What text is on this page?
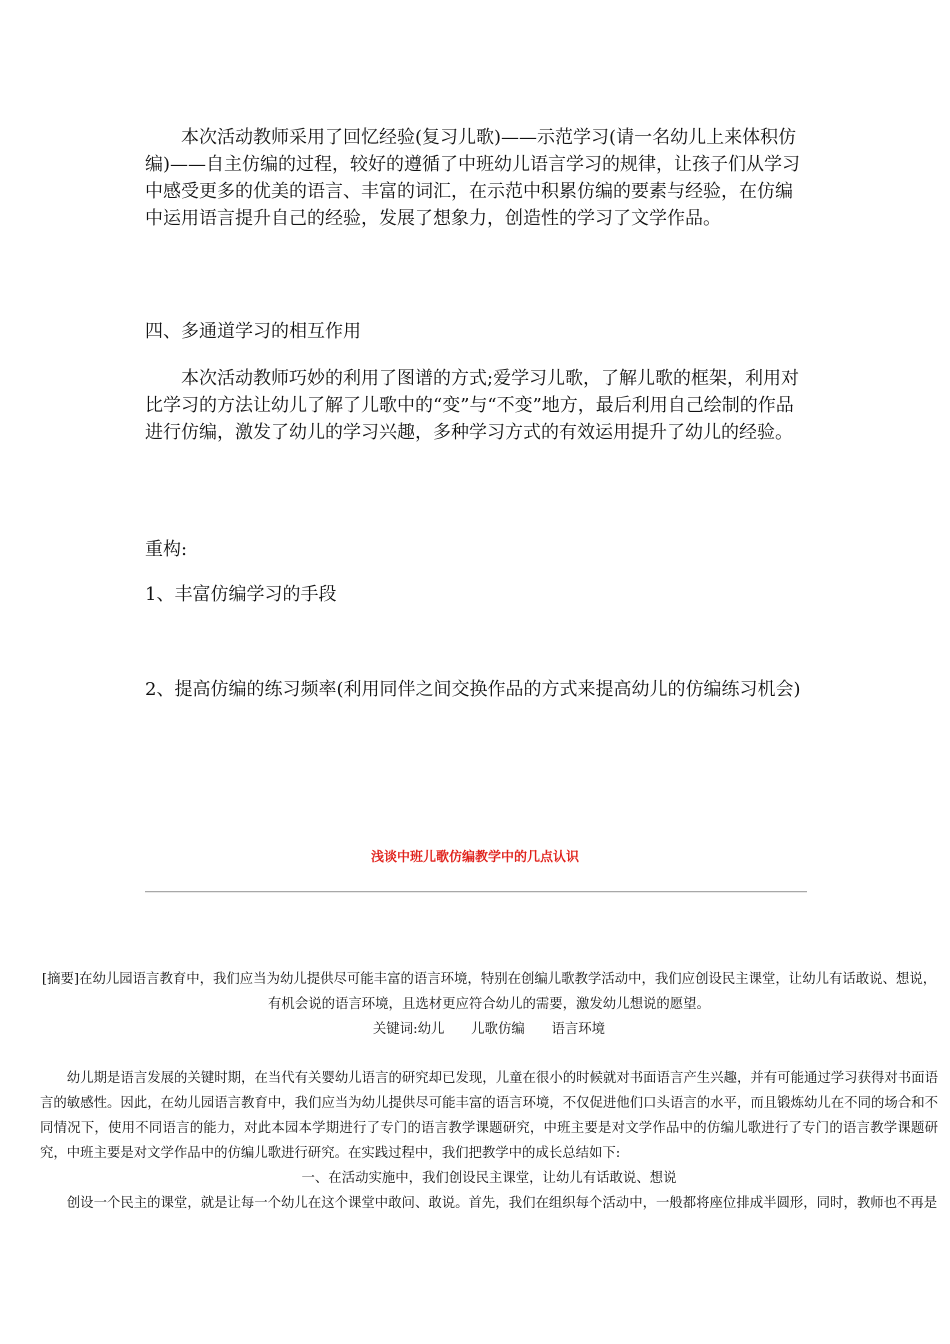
本次活动教师采用了回忆经验(复习儿歌)——示范学习(请一名幼儿上来体积仿编)——自主仿编的过程，较好的遵循了中班幼儿语言学习的规律，让孩子们从学习中感受更多的优美的语言、丰富的词汇，在示范中积累仿编的要素与经验，在仿编中运用语言提升自己的经验，发展了想象力，创造性的学习了文学作品。

四、多通道学习的相互作用

本次活动教师巧妙的利用了图谱的方式;爱学习儿歌，了解儿歌的框架，利用对比学习的方法让幼儿了解了儿歌中的“变”与“不变”地方，最后利用自己绘制的作品进行仿编，激发了幼儿的学习兴趣，多种学习方式的有效运用提升了幼儿的经验。

重构:

1、丰富仿编学习的手段

2、提高仿编的练习频率(利用同伴之间交换作品的方式来提高幼儿的仿编练习机会)

浅谈中班儿歌仿编教学中的几点认识

[摘要]在幼儿园语言教育中，我们应当为幼儿提供尽可能丰富的语言环境，特别在创编儿歌教学活动中，我们应创设民主课堂，让幼儿有话敢说、想说，有机会说的语言环境，且选材更应符合幼儿的需要，激发幼儿想说的愿望。

关键词:幼儿　　儿歌仿编　　语言环境

幼儿期是语言发展的关键时期，在当代有关婴幼儿语言的研究却已发现，儿童在很小的时候就对书面语言产生兴趣，并有可能通过学习获得对书面语言的敏感性。因此，在幼儿园语言教育中，我们应当为幼儿提供尽可能丰富的语言环境，不仅促进他们口头语言的水平，而且锻炼幼儿在不同的场合和不同情况下，使用不同语言的能力，对此本园本学期进行了专门的语言教学课题研究，中班主要是对文学作品中的仿编儿歌进行了专门的语言教学课题研究，中班主要是对文学作品中的仿编儿歌进行研究。在实践过程中，我们把教学中的成长总结如下:

一、在活动实施中，我们创设民主课堂，让幼儿有话敢说、想说

创设一个民主的课堂，就是让每一个幼儿在这个课堂中敢问、敢说。首先，我们在组织每个活动中，一般都将座位排成半圆形，同时，教师也不再是
